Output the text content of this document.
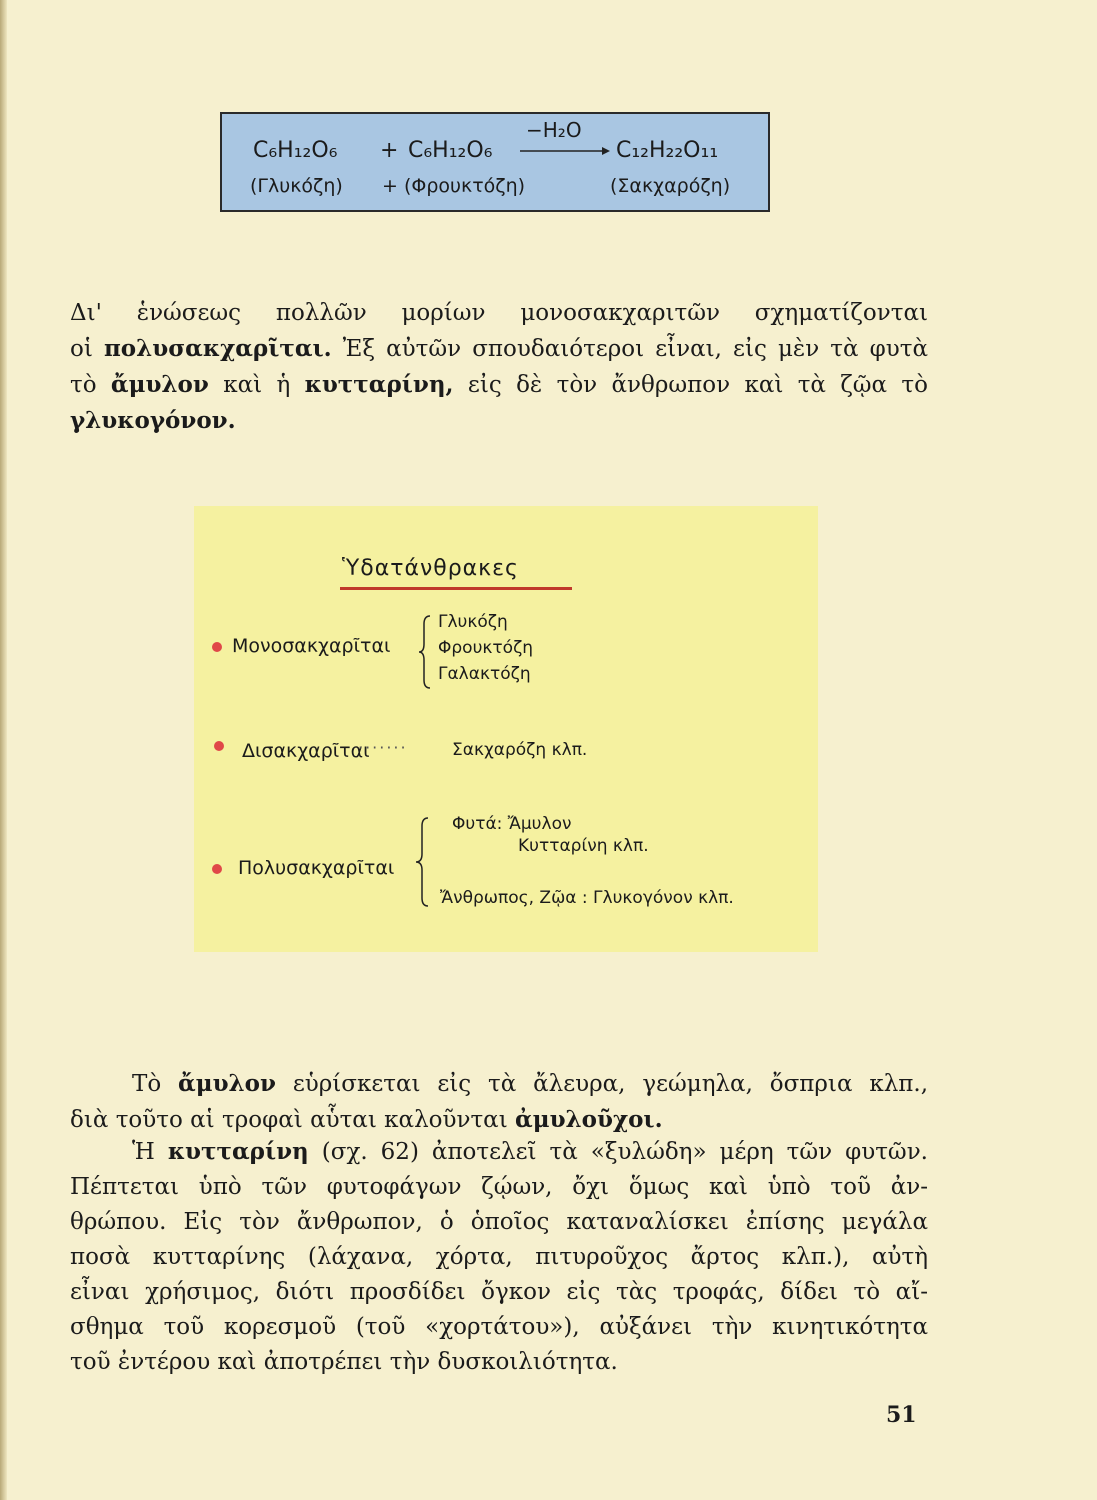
C₆H₁₂O₆ + C₆H₁₂O₆
−H₂O
C₁₂H₂₂O₁₁
(Γλυκόζη) + (Φρουκτόζη)	(Σακχαρόζη)
Δι' ἑνώσεως πολλῶν μορίων μονοσακχαριτῶν σχηματίζονται
οἱ πολυσακχαρῖται. Ἐξ αὐτῶν σπουδαιότεροι εἶναι, εἰς μὲν τὰ φυτὰ
τὸ ἄμυλον καὶ ἡ κυτταρίνη, εἰς δὲ τὸν ἄνθρωπον καὶ τὰ ζῷα τὸ
γλυκογόνον.
Ὑδατάνθρακες
Μονοσακχαρῖται
Γλυκόζη
Φρουκτόζη
Γαλακτόζη
Δισακχαρῖται
·······	Σακχαρόζη κλπ.
Πολυσακχαρῖται
Φυτά: Ἄμυλον
Κυτταρίνη κλπ.
Ἄνθρωπος, Ζῷα : Γλυκογόνον κλπ.
Τὸ ἄμυλον εὑρίσκεται εἰς τὰ ἄλευρα, γεώμηλα, ὄσπρια κλπ.,
διὰ τοῦτο αἱ τροφαὶ αὗται καλοῦνται ἀμυλοῦχοι.
Ἡ κυτταρίνη (σχ. 62) ἀποτελεῖ τὰ «ξυλώδη» μέρη τῶν φυτῶν.
Πέπτεται ὑπὸ τῶν φυτοφάγων ζῴων, ὄχι ὅμως καὶ ὑπὸ τοῦ ἀν-
θρώπου. Εἰς τὸν ἄνθρωπον, ὁ ὁποῖος καταναλίσκει ἐπίσης μεγάλα
ποσὰ κυτταρίνης (λάχανα, χόρτα, πιτυροῦχος ἄρτος κλπ.), αὐτὴ
εἶναι χρήσιμος, διότι προσδίδει ὄγκον εἰς τὰς τροφάς, δίδει τὸ αἴ-
σθημα τοῦ κορεσμοῦ (τοῦ «χορτάτου»), αὐξάνει τὴν κινητικότητα
τοῦ ἐντέρου καὶ ἀποτρέπει τὴν δυσκοιλιότητα.
51
